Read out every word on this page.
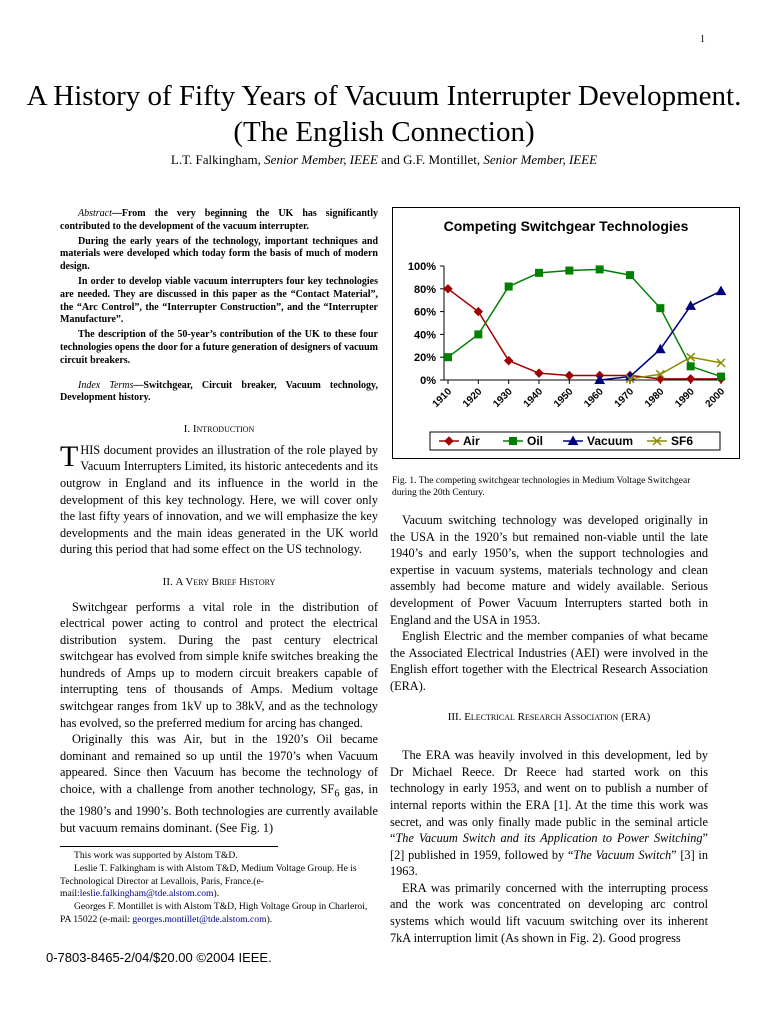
1
A History of Fifty Years of Vacuum Interrupter Development. (The English Connection)
L.T. Falkingham, Senior Member, IEEE and G.F. Montillet, Senior Member, IEEE

Abstract—From the very beginning the UK has significantly contributed to the development of the vacuum interrupter.

During the early years of the technology, important techniques and materials were developed which today form the basis of much of modern design.

In order to develop viable vacuum interrupters four key technologies are needed. They are discussed in this paper as the “Contact Material”, the “Arc Control”, the “Interrupter Construction”, and the “Interrupter Manufacture”.

The description of the 50-year’s contribution of the UK to these four technologies opens the door for a future generation of designers of vacuum circuit breakers.

Index Terms—Switchgear, Circuit breaker, Vacuum technology, Development history.

I. Introduction

THIS document provides an illustration of the role played by Vacuum Interrupters Limited, its historic antecedents and its outgrow in England and its influence in the world in the development of this key technology. Here, we will cover only the last fifty years of innovation, and we will emphasize the key developments and the main ideas generated in the UK world during this period that had some effect on the US technology.

II. A Very Brief History

Switchgear performs a vital role in the distribution of electrical power acting to control and protect the electrical distribution system. During the past century electrical switchgear has evolved from simple knife switches breaking the hundreds of Amps up to modern circuit breakers capable of interrupting tens of thousands of Amps. Medium voltage switchgear ranges from 1kV up to 38kV, and as the technology has evolved, so the preferred medium for arcing has changed.

Originally this was Air, but in the 1920’s Oil became dominant and remained so up until the 1970’s when Vacuum appeared. Since then Vacuum has become the technology of choice, with a challenge from another technology, $SF_6$ gas, in the 1980’s and 1990’s. Both technologies are currently available but vacuum remains dominant. (See Fig. 1)

This work was supported by Alstom T&D.

Leslie T. Falkingham is with Alstom T&D, Medium Voltage Group. He is Technological Director at Levallois, Paris, France.(e-mail:leslie.falkingham@tde.alstom.com).

Georges F. Montillet is with Alstom T&D, High Voltage Group in Charleroi, PA 15022 (e-mail: georges.montillet@tde.alstom.com).

0-7803-8465-2/04/$20.00 ©2004 IEEE.
Competing Switchgear Technologies
0%
20%
40%
60%
80%
100%
1910 1920 1930 1940 1950 1960 1970 1980 1990 2000
Air	Oil	Vacuum	SF6
Fig. 1. The competing switchgear technologies in Medium Voltage Switchgear during the 20th Century.

Vacuum switching technology was developed originally in the USA in the 1920’s but remained non-viable until the late 1940’s and early 1950’s, when the support technologies and expertise in vacuum systems, materials technology and clean assembly had become mature and widely available. Serious development of Power Vacuum Interrupters started both in England and the USA in 1953.

English Electric and the member companies of what became the Associated Electrical Industries (AEI) were involved in the English effort together with the Electrical Research Association (ERA).

III. Electrical Research Association (ERA)

The ERA was heavily involved in this development, led by Dr Michael Reece. Dr Reece had started work on this technology in early 1953, and went on to publish a number of internal reports within the ERA [1]. At the time this work was secret, and was only finally made public in the seminal article “The Vacuum Switch and its Application to Power Switching” [2] published in 1959, followed by “The Vacuum Switch” [3] in 1963.

ERA was primarily concerned with the interrupting process and the work was concentrated on developing arc control systems which would lift vacuum switching over its inherent 7kA interruption limit (As shown in Fig. 2). Good progress
